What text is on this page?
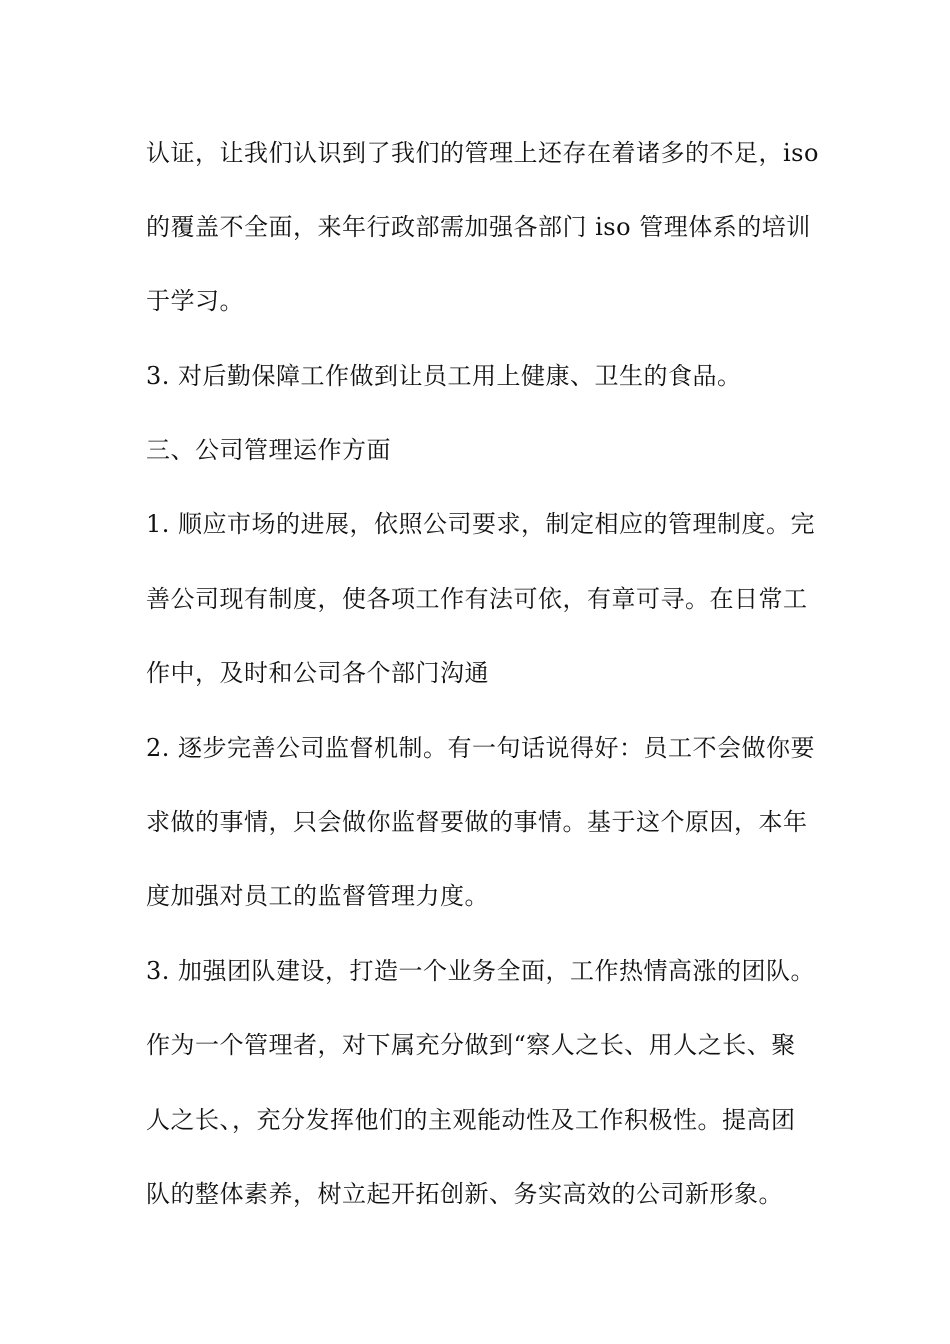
认证，让我们认识到了我们的管理上还存在着诸多的不足，iso
的覆盖不全面，来年行政部需加强各部门 iso 管理体系的培训
于学习。
3. 对后勤保障工作做到让员工用上健康、卫生的食品。
三、公司管理运作方面
1. 顺应市场的进展，依照公司要求，制定相应的管理制度。完
善公司现有制度，使各项工作有法可依，有章可寻。在日常工
作中，及时和公司各个部门沟通
2. 逐步完善公司监督机制。有一句话说得好：员工不会做你要
求做的事情，只会做你监督要做的事情。基于这个原因，本年
度加强对员工的监督管理力度。
3. 加强团队建设，打造一个业务全面，工作热情高涨的团队。
作为一个管理者，对下属充分做到“察人之长、用人之长、聚
人之长、，充分发挥他们的主观能动性及工作积极性。提高团
队的整体素养，树立起开拓创新、务实高效的公司新形象。
